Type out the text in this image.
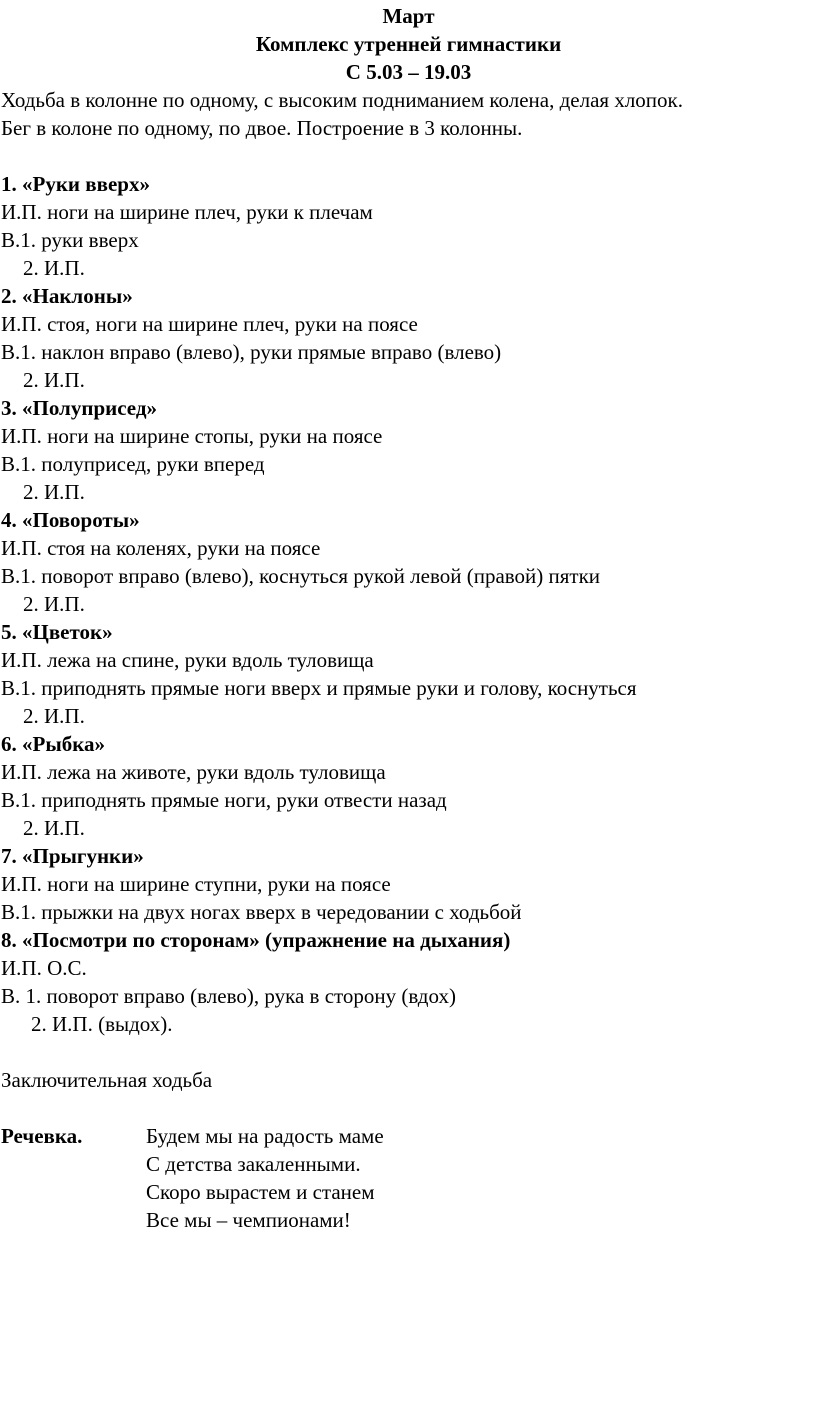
Март
Комплекс утренней гимнастики
С 5.03 – 19.03
Ходьба в колонне по одному, с высоким подниманием колена, делая хлопок.
Бег в колоне по одному, по двое. Построение в 3 колонны.
1. «Руки вверх»
И.П. ноги на ширине плеч, руки к плечам
В.1. руки вверх
2. И.П.
2. «Наклоны»
И.П. стоя, ноги на ширине плеч, руки на поясе
В.1. наклон вправо (влево), руки прямые вправо (влево)
2. И.П.
3. «Полуприсед»
И.П. ноги на ширине стопы, руки на поясе
В.1. полуприсед, руки вперед
2. И.П.
4. «Повороты»
И.П. стоя на коленях, руки на поясе
В.1. поворот вправо (влево), коснуться рукой левой (правой) пятки
2. И.П.
5. «Цветок»
И.П. лежа на спине, руки вдоль туловища
В.1. приподнять прямые ноги вверх и прямые руки и голову, коснуться
2. И.П.
6. «Рыбка»
И.П. лежа на животе, руки вдоль туловища
В.1. приподнять прямые ноги, руки отвести назад
2. И.П.
7. «Прыгунки»
И.П. ноги на ширине ступни, руки на поясе
В.1. прыжки на двух ногах вверх в чередовании с ходьбой
8. «Посмотри по сторонам» (упражнение на дыхания)
И.П. О.С.
В. 1. поворот вправо (влево), рука в сторону (вдох)
2. И.П. (выдох).
Заключительная ходьба
Речевка.	Будем мы на радость маме
С детства закаленными.
Скоро вырастем и станем
Все мы – чемпионами!
